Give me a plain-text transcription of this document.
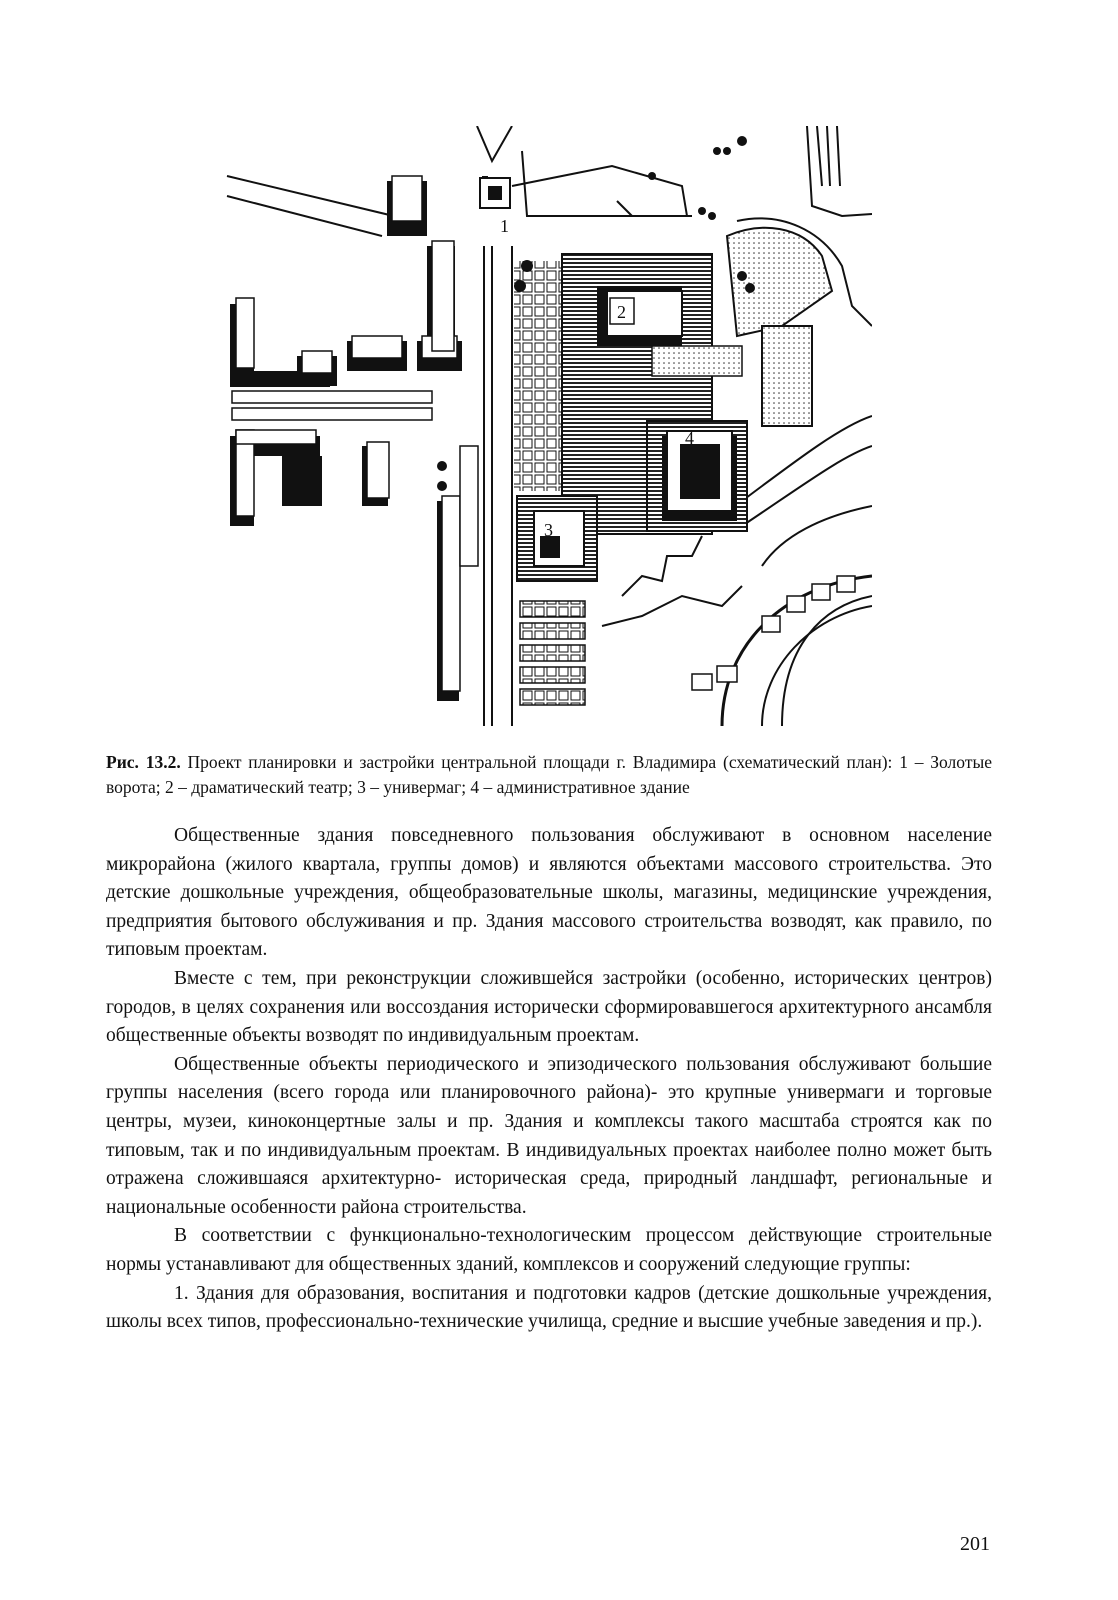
2
4
3
1
Рис. 13.2. Проект планировки и застройки центральной площади г. Владимира (схематический план): 1 – Золотые ворота; 2 – драматический театр; 3 – универмаг; 4 – административное здание

Общественные здания повседневного пользования обслуживают в основном население микрорайона (жилого квартала, группы домов) и являются объектами массового строительства. Это детские дошкольные учреждения, общеобразовательные школы, магазины, медицинские учреждения, предприятия бытового обслуживания и пр. Здания массового строительства возводят, как правило, по типовым проектам.

Вместе с тем, при реконструкции сложившейся застройки (особенно, исторических центров) городов, в целях сохранения или воссоздания исторически сформировавшегося архитектурного ансамбля общественные объекты возводят по индивидуальным проектам.

Общественные объекты периодического и эпизодического пользования обслуживают большие группы населения (всего города или планировочного района)- это крупные универмаги и торговые центры, музеи, киноконцертные залы и пр. Здания и комплексы такого масштаба строятся как по типовым, так и по индивидуальным проектам. В индивидуальных проектах наиболее полно может быть отражена сложившаяся архитектурно- историческая среда, природный ландшафт, региональные и национальные особенности района строительства.

В соответствии с функционально-технологическим процессом действующие строительные нормы устанавливают для общественных зданий, комплексов и сооружений следующие группы:

1. Здания для образования, воспитания и подготовки кадров (детские дошкольные учреждения, школы всех типов, профессионально-технические училища, средние и высшие учебные заведения и пр.).

201
